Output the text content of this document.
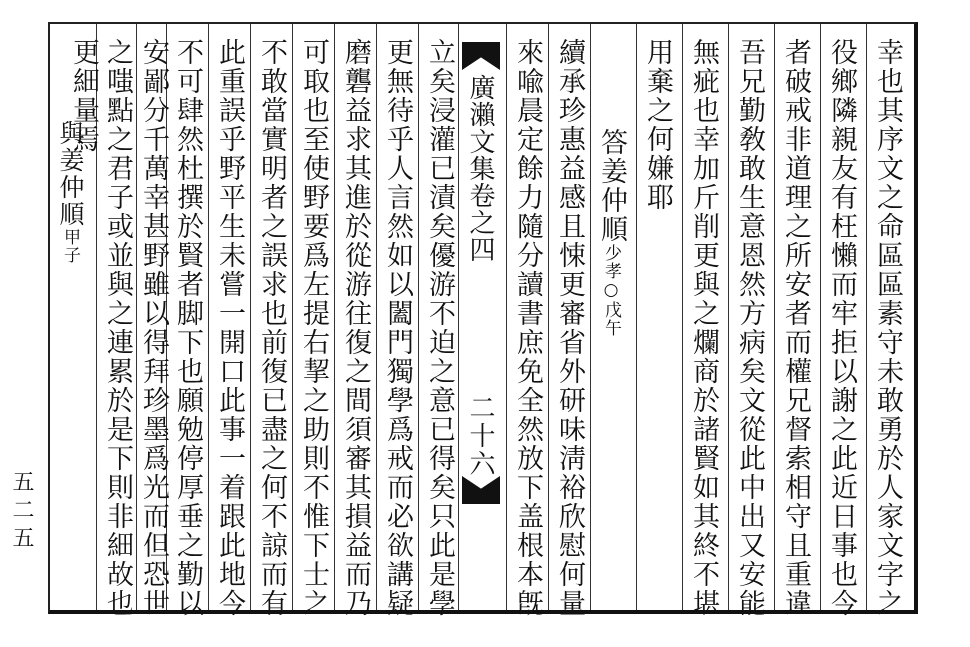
幸也其序文之命區區素守未敢勇於人家文字之
役鄉隣親友有枉懶而牢拒以謝之此近日事也今
者破戒非道理之所安者而權兄督索相守且重違
吾兄勤敎敢生意恩然方病矣文從此中出又安能
無疵也幸加斤削更與之爛商於諸賢如其終不堪
用棄之何嫌耶
答姜仲順少孝○戊午
續承珍惠益感且悚更審省外研味淸裕欣慰何量
來喩晨定餘力隨分讀書庶免全然放下盖根本旣
廣瀨文集卷之四
二十六
立矣浸灌已漬矣優游不迫之意已得矣只此是學
更無待乎人言然如以闔門獨學爲戒而必欲講疑
磨礱益求其進於從游往復之間須審其損益而乃
可取也至使野要爲左提右挈之助則不惟下士之
不敢當實明者之誤求也前復已盡之何不諒而有
此重誤乎野平生未嘗一開口此事一着跟此地今
不可肆然杜撰於賢者脚下也願勉停厚垂之勤以
安鄙分千萬幸甚野雖以得拜珍墨爲光而但恐世
之嗤點之君子或並與之連累於是下則非細故也
更細量焉
與姜仲順甲子
五二五
